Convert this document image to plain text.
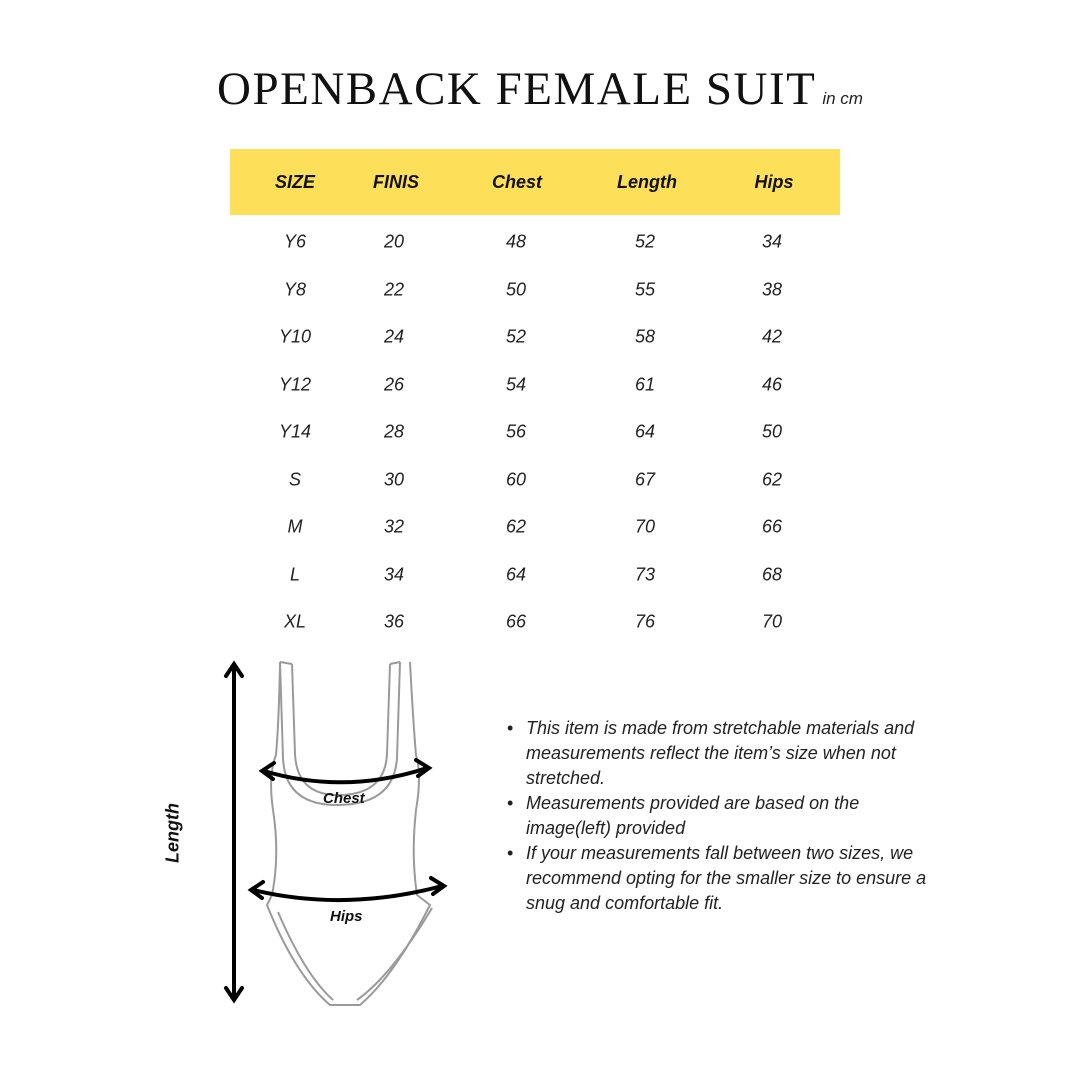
OPENBACK FEMALE SUIT in cm
SIZE	FINIS	Chest	Length	Hips
Y6	20	48	52	34
Y8	22	50	55	38
Y10	24	52	58	42
Y12	26	54	61	46
Y14	28	56	64	50
S	30	60	67	62
M	32	62	70	66
L	34	64	73	68
XL	36	66	76	70
Length
Chest
Hips

• This item is made from stretchable materials and measurements reflect the item’s size when not stretched.

• Measurements provided are based on the image(left) provided

• If your measurements fall between two sizes, we recommend opting for the smaller size to ensure a snug and comfortable fit.
